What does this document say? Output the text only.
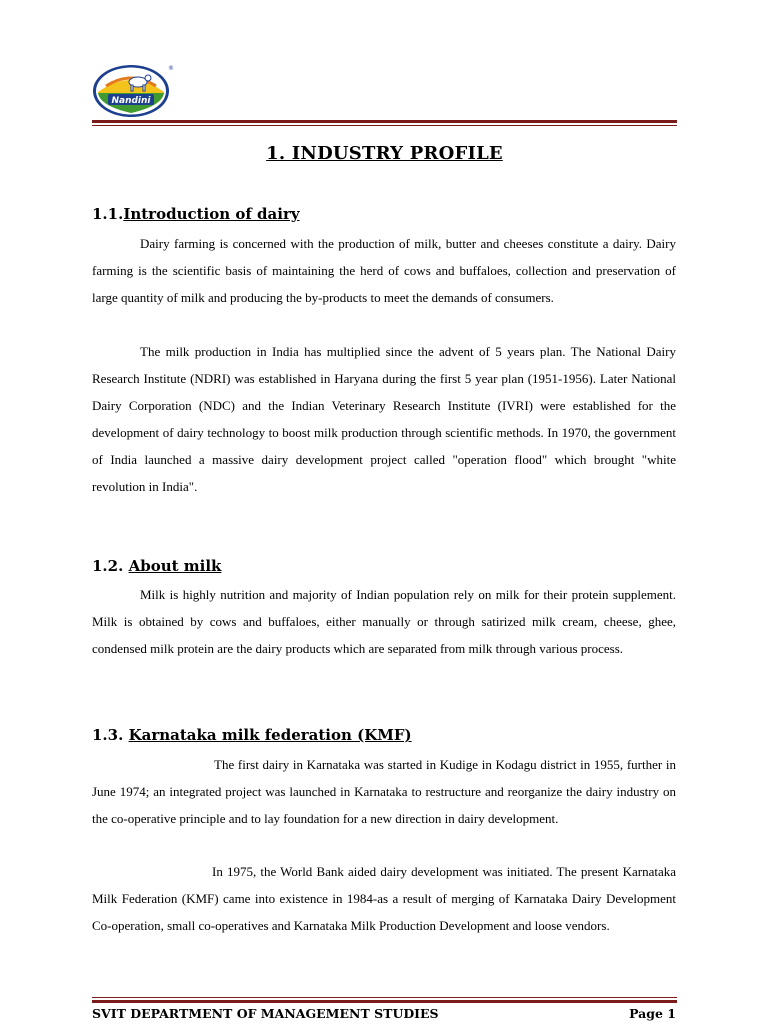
Nandini
®
1. INDUSTRY PROFILE
1.1.Introduction of dairy

Dairy farming is concerned with the production of milk, butter and cheeses constitute a dairy. Dairy farming is the scientific basis of maintaining the herd of cows and buffaloes, collection and preservation of large quantity of milk and producing the by-products to meet the demands of consumers.

The milk production in India has multiplied since the advent of 5 years plan. The National Dairy Research Institute (NDRI) was established in Haryana during the first 5 year plan (1951-1956). Later National Dairy Corporation (NDC) and the Indian Veterinary Research Institute (IVRI) were established for the development of dairy technology to boost milk production through scientific methods. In 1970, the government of India launched a massive dairy development project called "operation flood" which brought "white revolution in India".

1.2. About milk

Milk is highly nutrition and majority of Indian population rely on milk for their protein supplement. Milk is obtained by cows and buffaloes, either manually or through satirized milk cream, cheese, ghee, condensed milk protein are the dairy products which are separated from milk through various process.

1.3. Karnataka milk federation (KMF)

The first dairy in Karnataka was started in Kudige in Kodagu district in 1955, further in June 1974; an integrated project was launched in Karnataka to restructure and reorganize the dairy industry on the co-operative principle and to lay foundation for a new direction in dairy development.

In 1975, the World Bank aided dairy development was initiated. The present Karnataka Milk Federation (KMF) came into existence in 1984-as a result of merging of Karnataka Dairy Development Co-operation, small co-operatives and Karnataka Milk Production Development and loose vendors.

SVIT DEPARTMENT OF MANAGEMENT STUDIES	Page 1
